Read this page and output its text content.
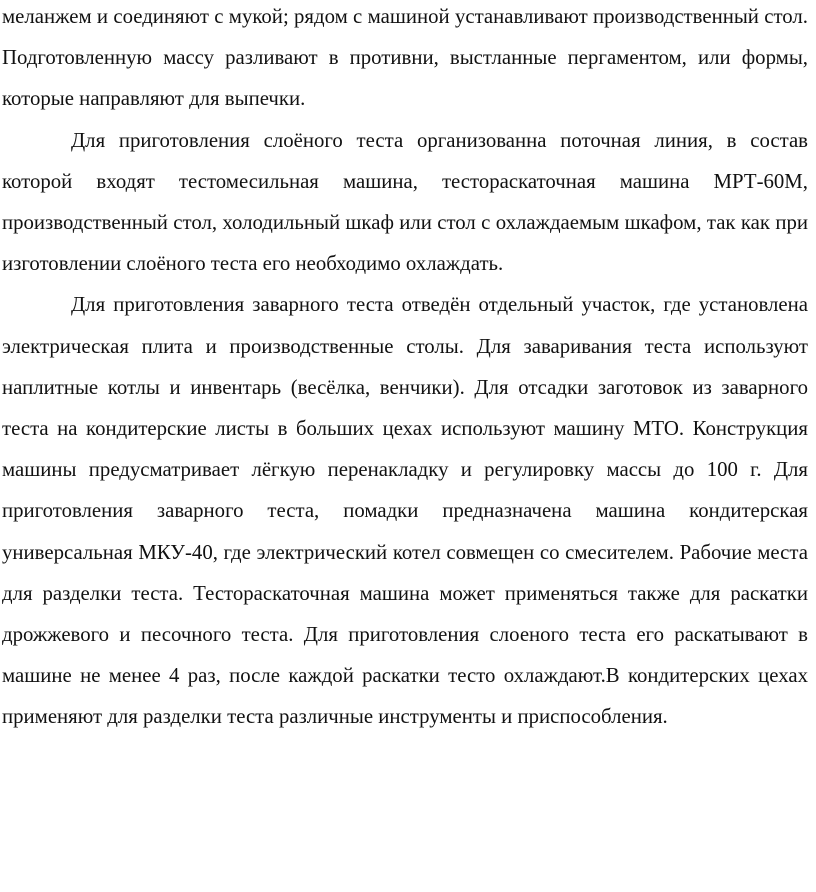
меланжем и соединяют с мукой; рядом с машиной устанавливают производственный стол. Подготовленную массу разливают в противни, выстланные пергаментом, или формы, которые направляют для выпечки.

Для приготовления слоёного теста организованна поточная линия, в состав которой входят тестомесильная машина, тестораскаточная машина МРТ-60М, производственный стол, холодильный шкаф или стол с охлаждаемым шкафом, так как при изготовлении слоёного теста его необходимо охлаждать.

Для приготовления заварного теста отведён отдельный участок, где установлена электрическая плита и производственные столы. Для заваривания теста используют наплитные котлы и инвентарь (весёлка, венчики). Для отсадки заготовок из заварного теста на кондитерские листы в больших цехах используют машину МТО. Конструкция машины предусматривает лёгкую перенакладку и регулировку массы до 100 г. Для приготовления заварного теста, помадки предназначена машина кондитерская универсальная МКУ-40, где электрический котел совмещен со смесителем. Рабочие места для разделки теста. Тестораскаточная машина может применяться также для раскатки дрожжевого и песочного теста. Для приготовления слоеного теста его раскатывают в машине не менее 4 раз, после каждой раскатки тесто охлаждают.В кондитерских цехах применяют для разделки теста различные инструменты и приспособления.
